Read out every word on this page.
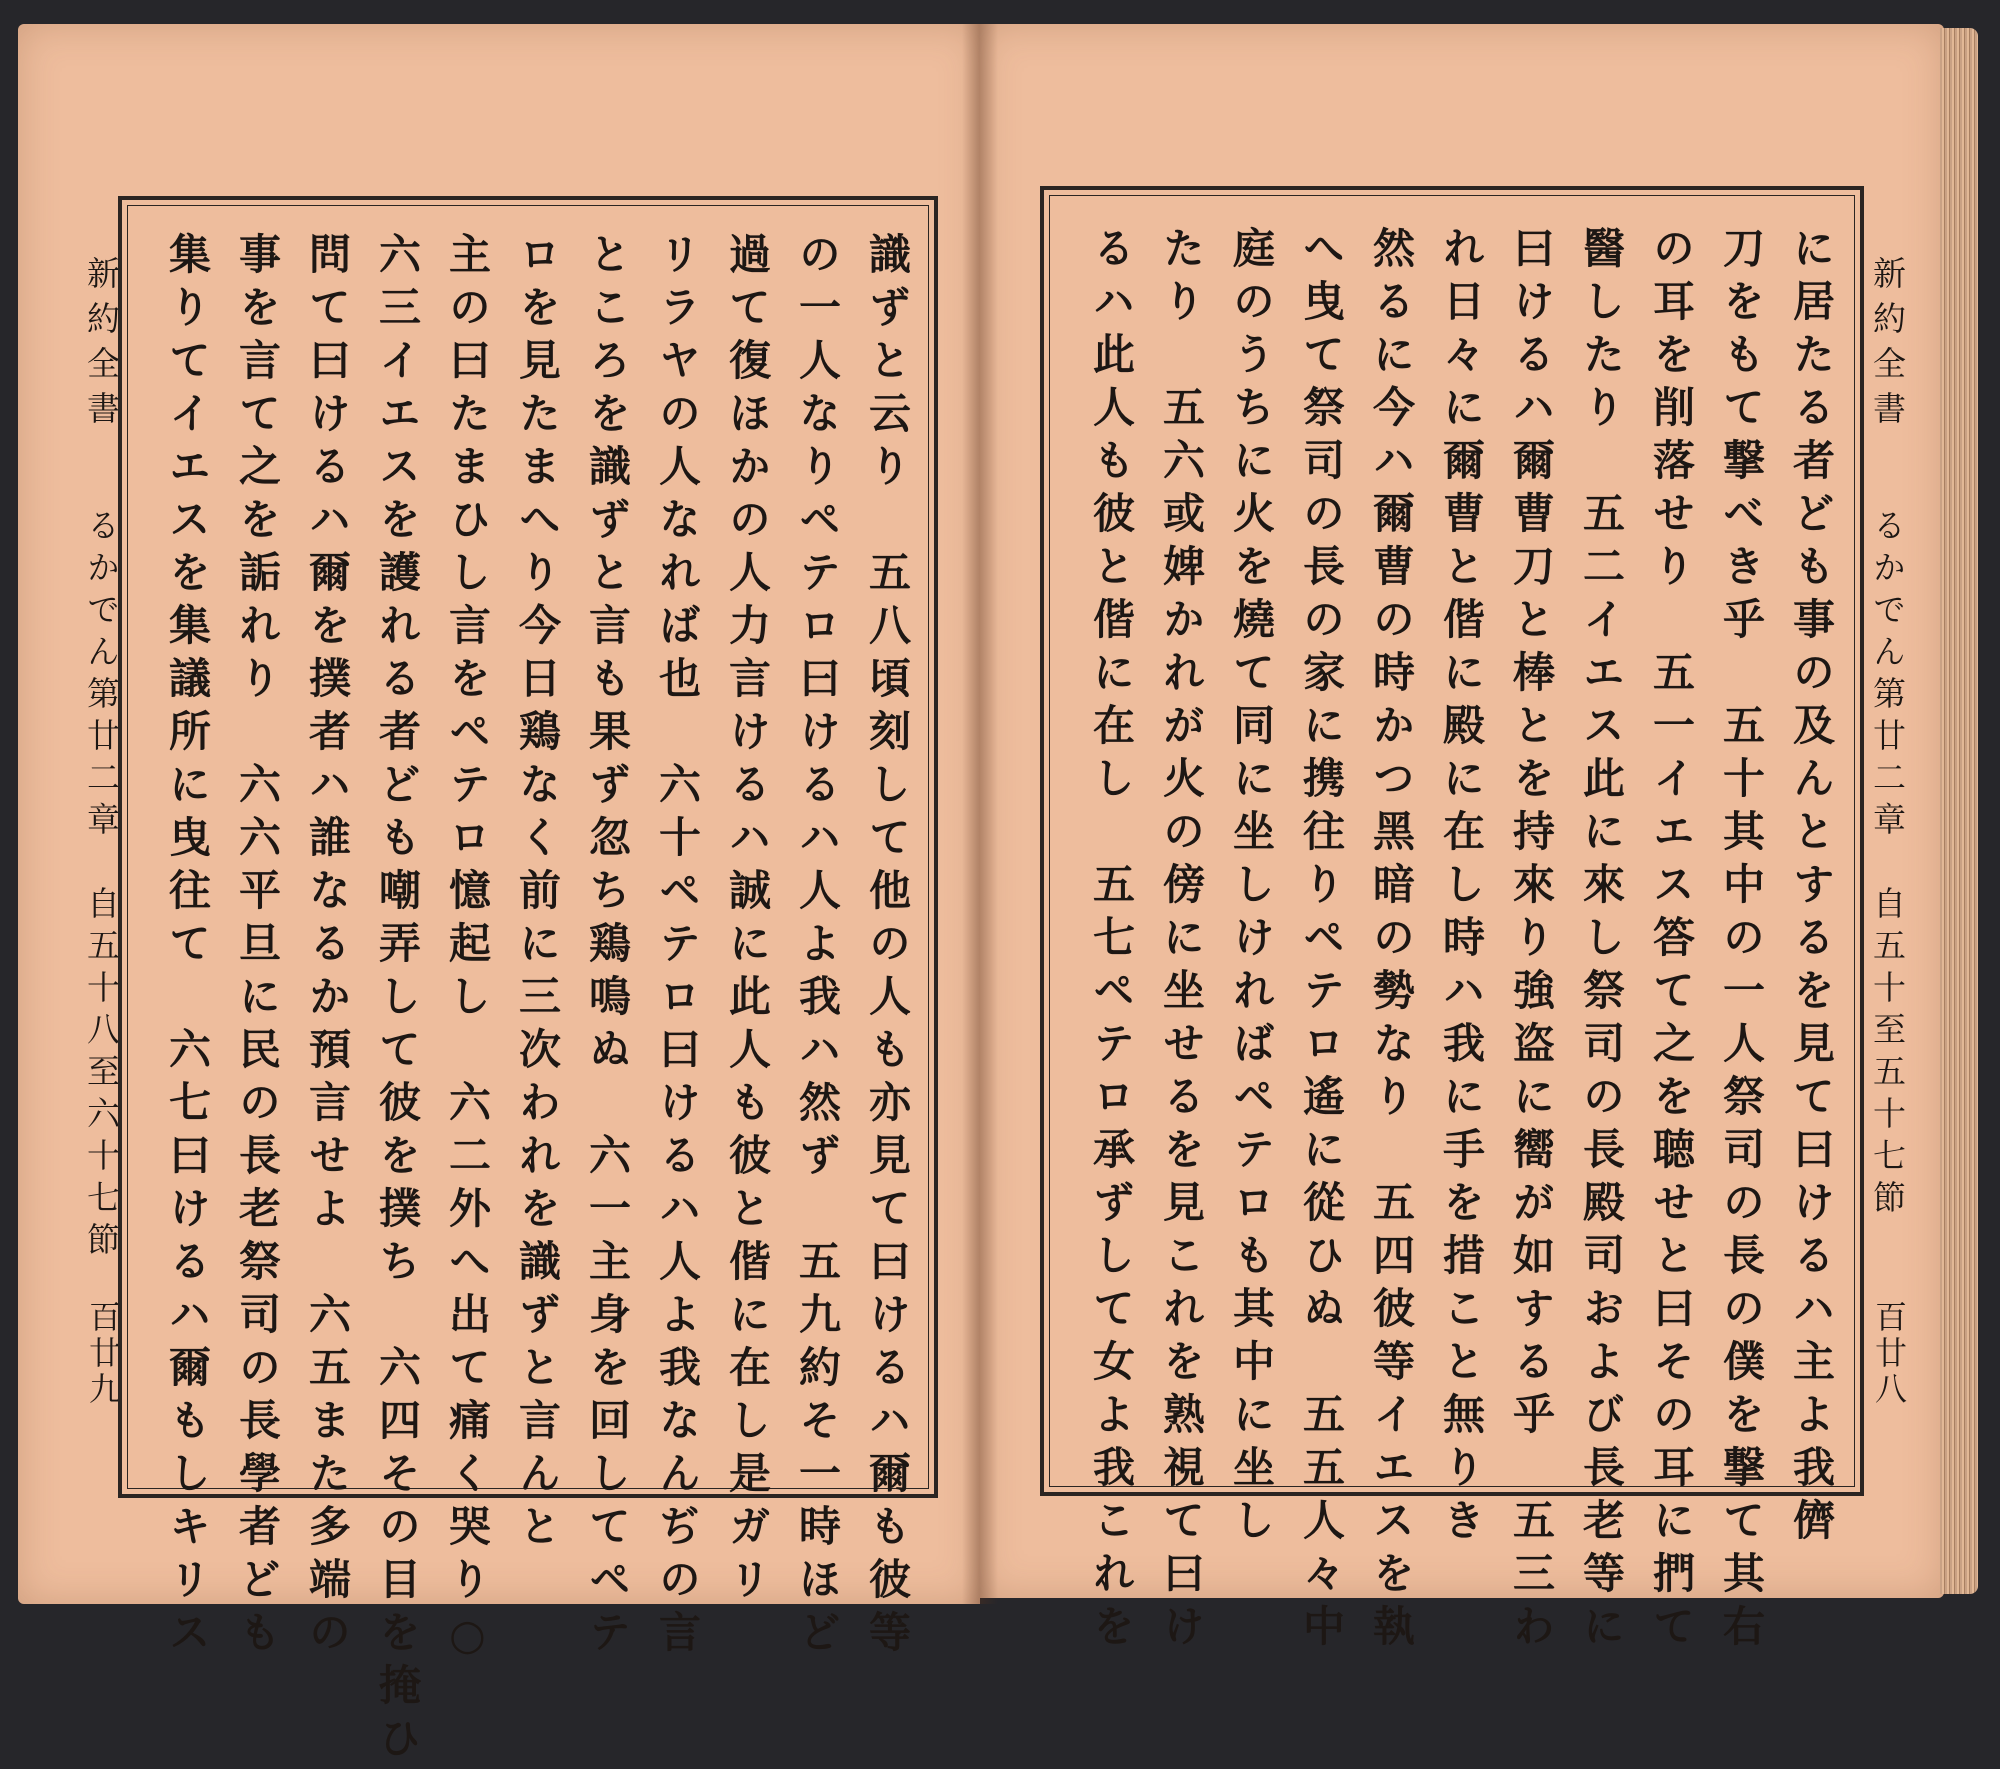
新約全書
るかでん第廿二章　自五十八至六十七節
百廿九	識ずと云り　五八頃刻して他の人も亦見て曰けるハ爾も彼等
の一人なりペテロ曰けるハ人よ我ハ然ず　五九約そ一時ほど
過て復ほかの人力言けるハ誠に此人も彼と偕に在し是ガリ
リラヤの人なれば也　六十ペテロ曰けるハ人よ我なんぢの言
ところを識ずと言も果ず忽ち鶏鳴ぬ　六一主身を回してペテ
ロを見たまへり今日鶏なく前に三次われを識ずと言んと
主の曰たまひし言をペテロ憶起し　六二外へ出て痛く哭り○
六三イエスを護れる者ども嘲弄して彼を撲ち　六四その目を掩ひ
問て曰けるハ爾を撲者ハ誰なるか預言せよ　六五また多端の
事を言て之を詬れり　六六平旦に民の長老祭司の長學者ども
集りてイエスを集議所に曳往て　六七曰けるハ爾もしキリス	新約全書
るかでん第廿二章　自五十至五十七節
百廿八
に居たる者ども事の及んとするを見て曰けるハ主よ我儕
刀をもて撃べき乎　五十其中の一人祭司の長の僕を撃て其右
の耳を削落せり　五一イエス答て之を聴せと曰その耳に捫て
醫したり　五二イエス此に來し祭司の長殿司および長老等に
曰けるハ爾曹刀と棒とを持來り強盗に嚮が如する乎　五三わ
れ日々に爾曹と偕に殿に在し時ハ我に手を措こと無りき
然るに今ハ爾曹の時かつ黑暗の勢なり　五四彼等イエスを執
へ曳て祭司の長の家に携往りペテロ遙に從ひぬ　五五人々中
庭のうちに火を燒て同に坐しければペテロも其中に坐し
たり　五六或婢かれが火の傍に坐せるを見これを熟視て曰け
るハ此人も彼と偕に在し　五七ペテロ承ずして女よ我これを
